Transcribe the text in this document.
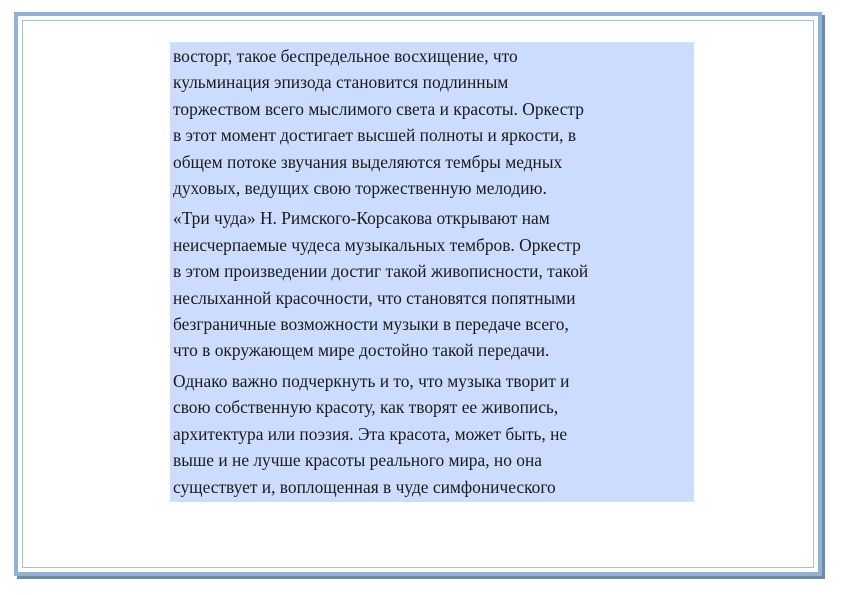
восторг, такое беспредельное восхищение, что
кульминация эпизода становится подлинным
торжеством всего мыслимого света и красоты. Оркестр
в этот момент достигает высшей полноты и яркости, в
общем потоке звучания выделяются тембры медных
духовых, ведущих свою торжественную мелодию.

«Три чуда» Н. Римского-Корсакова открывают нам
неисчерпаемые чудеса музыкальных тембров. Оркестр
в этом произведении достиг такой живописности, такой
неслыханной красочности, что становятся попятными
безграничные возможности музыки в передаче всего,
что в окружающем мире достойно такой передачи.

Однако важно подчеркнуть и то, что музыка творит и
свою собственную красоту, как творят ее живопись,
архитектура или поэзия. Эта красота, может быть, не
выше и не лучше красоты реального мира, но она
существует и, воплощенная в чуде симфонического
